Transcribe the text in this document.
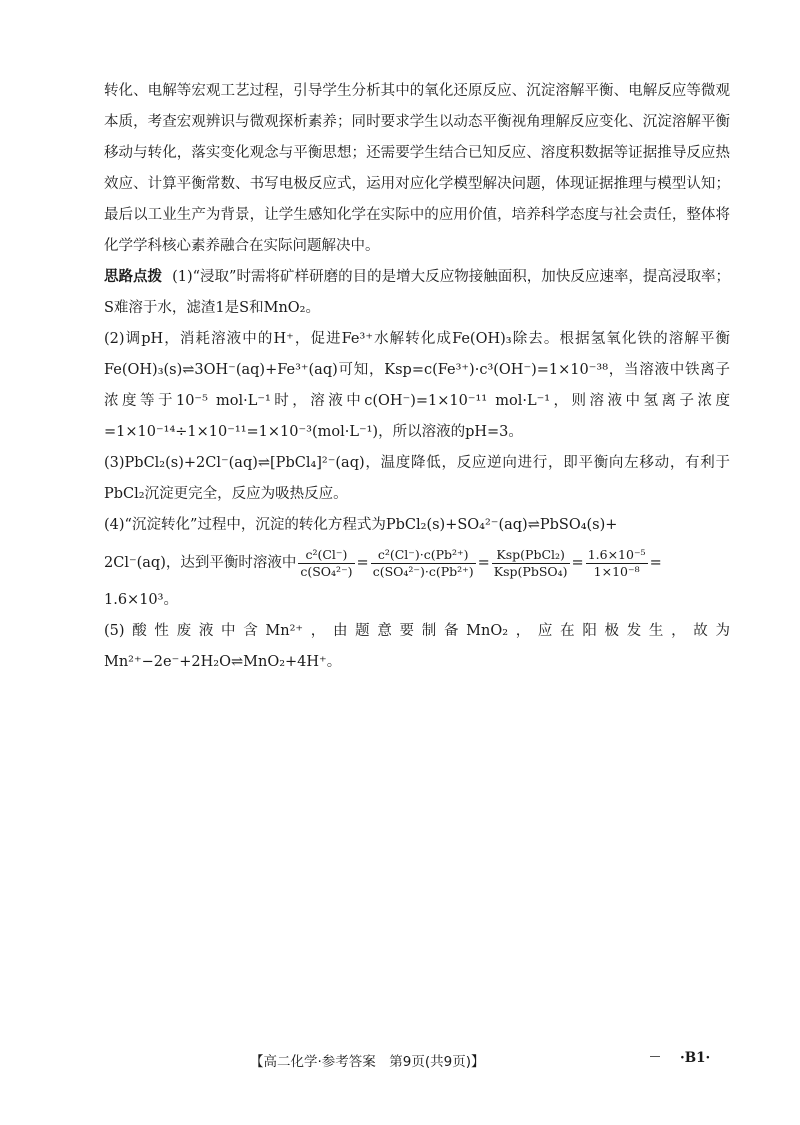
转化、电解等宏观工艺过程，引导学生分析其中的氧化还原反应、沉淀溶解平衡、电解反应等微观本质，考查宏观辨识与微观探析素养；同时要求学生以动态平衡视角理解反应变化、沉淀溶解平衡移动与转化，落实变化观念与平衡思想；还需要学生结合已知反应、溶度积数据等证据推导反应热效应、计算平衡常数、书写电极反应式，运用对应化学模型解决问题，体现证据推理与模型认知；最后以工业生产为背景，让学生感知化学在实际中的应用价值，培养科学态度与社会责任，整体将化学学科核心素养融合在实际问题解决中。

思路点拨 (1)“浸取”时需将矿样研磨的目的是增大反应物接触面积，加快反应速率，提高浸取率；S难溶于水，滤渣1是S和MnO₂。

(2)调pH，消耗溶液中的H⁺，促进Fe³⁺水解转化成Fe(OH)₃除去。根据氢氧化铁的溶解平衡Fe(OH)₃(s)⇌3OH⁻(aq)+Fe³⁺(aq)可知，Ksp=c(Fe³⁺)·c³(OH⁻)=1×10⁻³⁸，当溶液中铁离子浓度等于10⁻⁵ mol·L⁻¹时，溶液中c(OH⁻)=1×10⁻¹¹ mol·L⁻¹，则溶液中氢离子浓度=1×10⁻¹⁴÷1×10⁻¹¹=1×10⁻³(mol·L⁻¹)，所以溶液的pH=3。

(3)PbCl₂(s)+2Cl⁻(aq)⇌[PbCl₄]²⁻(aq)，温度降低，反应逆向进行，即平衡向左移动，有利于PbCl₂沉淀更完全，反应为吸热反应。

(4)“沉淀转化”过程中，沉淀的转化方程式为PbCl₂(s)+SO₄²⁻(aq)⇌PbSO₄(s)+

2Cl⁻(aq)，达到平衡时溶液中 $\frac{\text{c²(Cl⁻)}}{\text{c(SO₄²⁻)}} = \frac{\text{c²(Cl⁻)·c(Pb²⁺)}}{\text{c(SO₄²⁻)·c(Pb²⁺)}} = \frac{\text{Ksp(PbCl₂)}}{\text{Ksp(PbSO₄)}} = \frac{\text{1.6×10⁻⁵}}{\text{1×10⁻⁸}}$ =

1.6×10³。

(5)酸性废液中含Mn²⁺，由题意要制备MnO₂，应在阳极发生，故为Mn²⁺−2e⁻+2H₂O⇌MnO₂+4H⁺。

【高二化学·参考答案　第9页(共9页)】	·B1·
